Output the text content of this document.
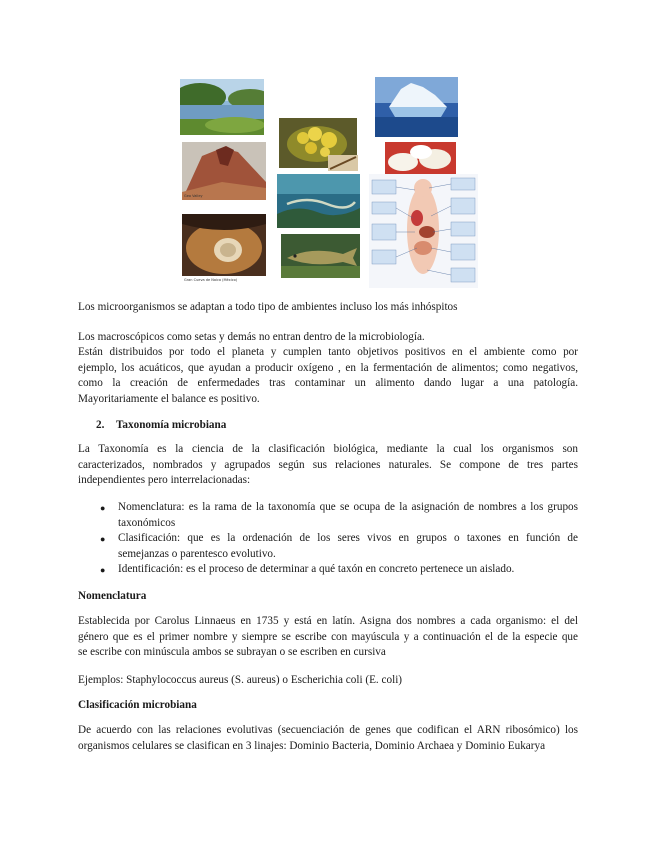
Geo Valley
Gran Cueva de Naica (México)

Los microorganismos se adaptan a todo tipo de ambientes incluso los más inhóspitos

Los macroscópicos como setas y demás no entran dentro de la microbiología.

Están distribuidos por todo el planeta y cumplen tanto objetivos positivos en el ambiente como por
ejemplo, los acuáticos, que ayudan a producir oxígeno , en la fermentación de alimentos; como negativos,
como la creación de enfermedades tras contaminar un alimento dando lugar a una patología.
Mayoritariamente el balance es positivo.
2. Taxonomía microbiana
La Taxonomía es la ciencia de la clasificación biológica, mediante la cual los organismos son
caracterizados, nombrados y agrupados según sus relaciones naturales. Se compone de tres partes
independientes pero interrelacionadas:
● Nomenclatura: es la rama de la taxonomía que se ocupa de la asignación de nombres a los grupos
taxonómicos
● Clasificación: que es la ordenación de los seres vivos en grupos o taxones en función de
semejanzas o parentesco evolutivo.
● Identificación: es el proceso de determinar a qué taxón en concreto pertenece un aislado.
Nomenclatura
Establecida por Carolus Linnaeus en 1735 y está en latín. Asigna dos nombres a cada organismo: el del
género que es el primer nombre y siempre se escribe con mayúscula y a continuación el de la especie que
se escribe con minúscula ambos se subrayan o se escriben en cursiva

Ejemplos: Staphylococcus aureus (S. aureus) o Escherichia coli (E. coli)

Clasificación microbiana
De acuerdo con las relaciones evolutivas (secuenciación de genes que codifican el ARN ribosómico) los
organismos celulares se clasifican en 3 linajes: Dominio Bacteria, Dominio Archaea y Dominio Eukarya
